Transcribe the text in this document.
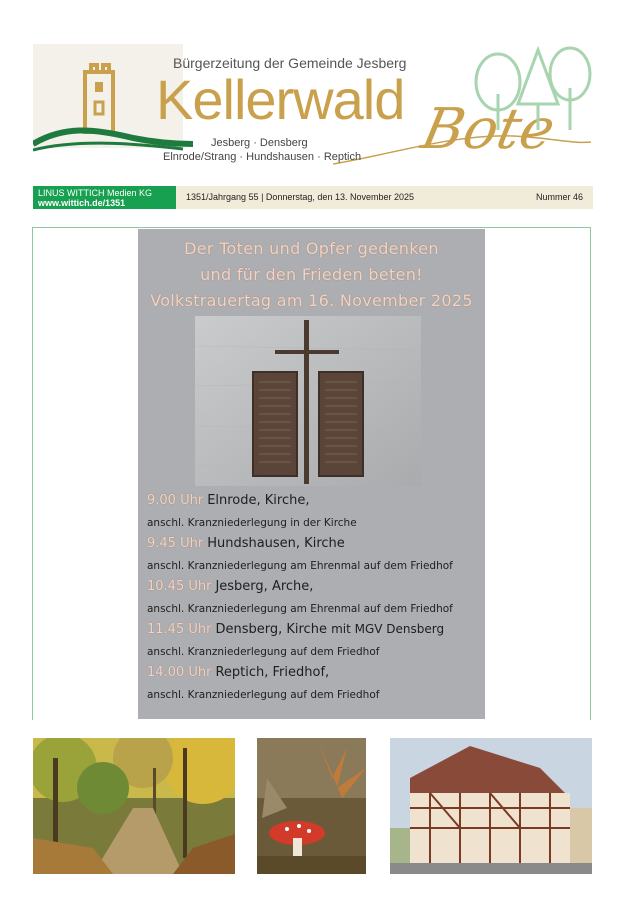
Bürgerzeitung der Gemeinde Jesberg
Kellerwald Bote
Jesberg · Densberg
Elnrode/Strang · Hundshausen · Reptich
LINUS WITTICH Medien KG
www.wittich.de/1351
1351/Jahrgang 55 | Donnerstag, den 13. November 2025	Nummer 46
Der Toten und Opfer gedenken
und für den Frieden beten!
Volkstrauertag am 16. November 2025
9.00 Uhr Elnrode, Kirche,
anschl. Kranzniederlegung in der Kirche
9.45 Uhr Hundshausen, Kirche
anschl. Kranzniederlegung am Ehrenmal auf dem Friedhof
10.45 Uhr Jesberg, Arche,
anschl. Kranzniederlegung am Ehrenmal auf dem Friedhof
11.45 Uhr Densberg, Kirche mit MGV Densberg
anschl. Kranzniederlegung auf dem Friedhof
14.00 Uhr Reptich, Friedhof,
anschl. Kranzniederlegung auf dem Friedhof
